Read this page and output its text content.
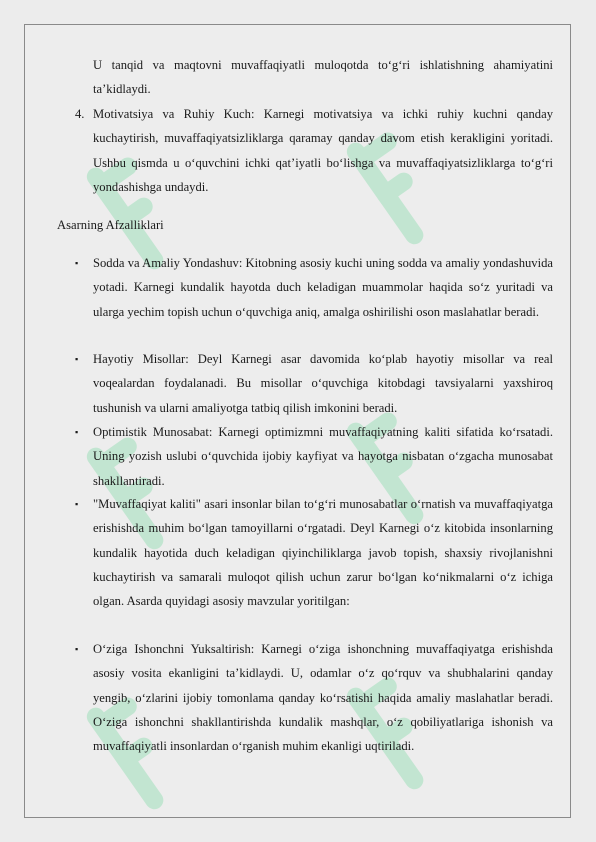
U tanqid va maqtovni muvaffaqiyatli muloqotda to‘g‘ri ishlatishning ahamiyatini ta’kidlaydi.

4. Motivatsiya va Ruhiy Kuch: Karnegi motivatsiya va ichki ruhiy kuchni qanday kuchaytirish, muvaffaqiyatsizliklarga qaramay qanday davom etish kerakligini yoritadi. Ushbu qismda u o‘quvchini ichki qat’iyatli bo‘lishga va muvaffaqiyatsizliklarga to‘g‘ri yondashishga undaydi.

Asarning Afzalliklari
▪	Sodda va Amaliy Yondashuv: Kitobning asosiy kuchi uning sodda va amaliy yondashuvida yotadi. Karnegi kundalik hayotda duch keladigan muammolar haqida so‘z yuritadi va ularga yechim topish uchun o‘quvchiga aniq, amalga oshirilishi oson maslahatlar beradi.

▪	Hayotiy Misollar: Deyl Karnegi asar davomida ko‘plab hayotiy misollar va real voqealardan foydalanadi. Bu misollar o‘quvchiga kitobdagi tavsiyalarni yaxshiroq tushunish va ularni amaliyotga tatbiq qilish imkonini beradi.

▪	Optimistik Munosabat: Karnegi optimizmni muvaffaqiyatning kaliti sifatida ko‘rsatadi. Uning yozish uslubi o‘quvchida ijobiy kayfiyat va hayotga nisbatan o‘zgacha munosabat shakllantiradi.

▪	"Muvaffaqiyat kaliti" asari insonlar bilan to‘g‘ri munosabatlar o‘rnatish va muvaffaqiyatga erishishda muhim bo‘lgan tamoyillarni o‘rgatadi. Deyl Karnegi o‘z kitobida insonlarning kundalik hayotida duch keladigan qiyinchiliklarga javob topish, shaxsiy rivojlanishni kuchaytirish va samarali muloqot qilish uchun zarur bo‘lgan ko‘nikmalarni o‘z ichiga olgan. Asarda quyidagi asosiy mavzular yoritilgan:

▪	O‘ziga Ishonchni Yuksaltirish: Karnegi o‘ziga ishonchning muvaffaqiyatga erishishda asosiy vosita ekanligini ta’kidlaydi. U, odamlar o‘z qo‘rquv va shubhalarini qanday yengib, o‘zlarini ijobiy tomonlama qanday ko‘rsatishi haqida amaliy maslahatlar beradi. O‘ziga ishonchni shakllantirishda kundalik mashqlar, o‘z qobiliyatlariga ishonish va muvaffaqiyatli insonlardan o‘rganish muhim ekanligi uqtiriladi.
